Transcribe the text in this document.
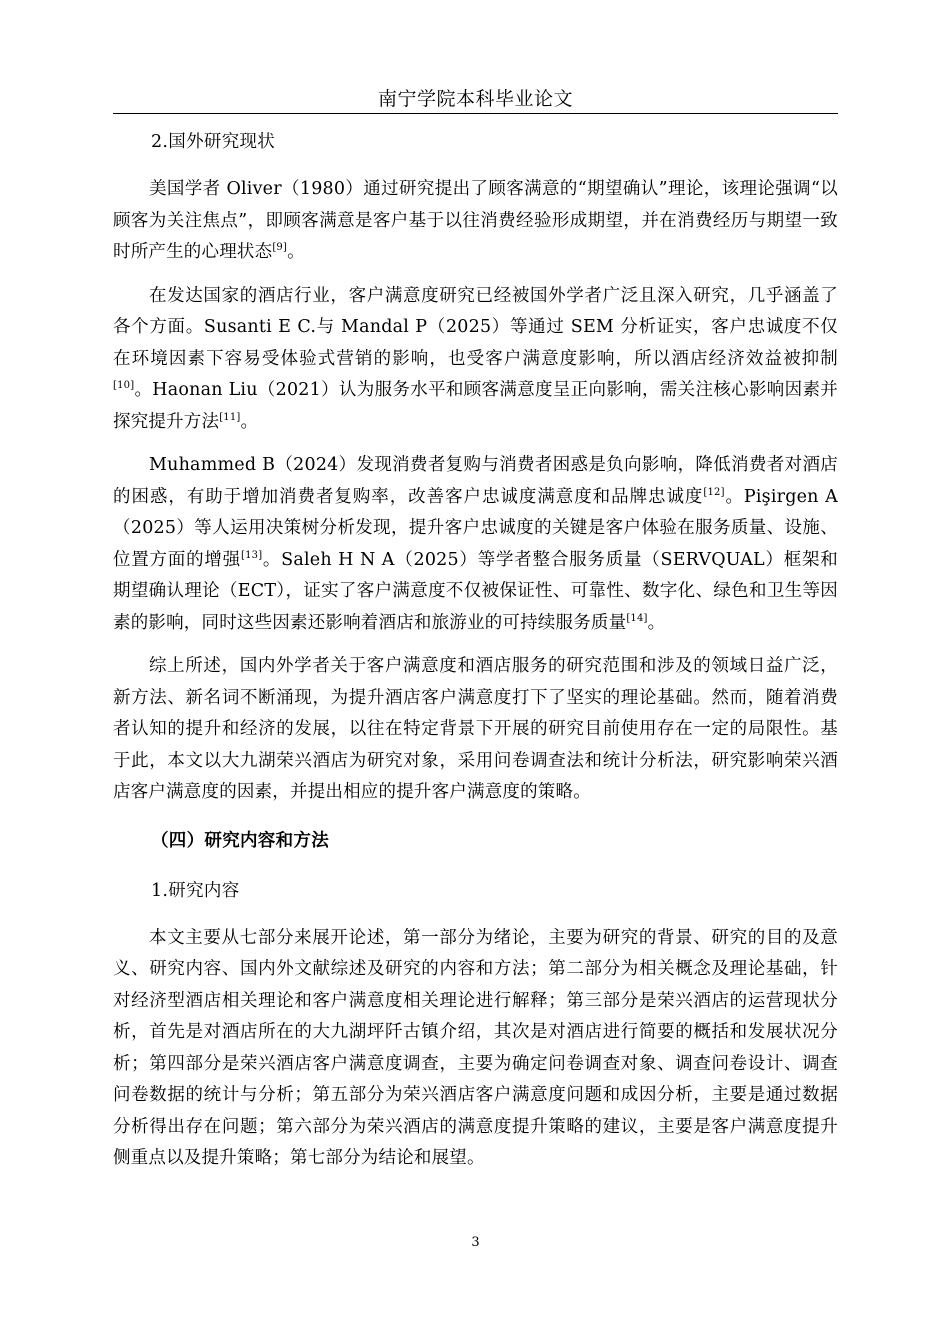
南宁学院本科毕业论文

2.国外研究现状

美国学者 Oliver（1980）通过研究提出了顾客满意的“期望确认”理论，该理论强调“以顾客为关注焦点”，即顾客满意是客户基于以往消费经验形成期望，并在消费经历与期望一致时所产生的心理状态[9]。

在发达国家的酒店行业，客户满意度研究已经被国外学者广泛且深入研究，几乎涵盖了各个方面。Susanti E C.与 Mandal P（2025）等通过 SEM 分析证实，客户忠诚度不仅在环境因素下容易受体验式营销的影响，也受客户满意度影响，所以酒店经济效益被抑制[10]。Haonan Liu（2021）认为服务水平和顾客满意度呈正向影响，需关注核心影响因素并探究提升方法[11]。

Muhammed B（2024）发现消费者复购与消费者困惑是负向影响，降低消费者对酒店的困惑，有助于增加消费者复购率，改善客户忠诚度满意度和品牌忠诚度[12]。Pişirgen A（2025）等人运用决策树分析发现，提升客户忠诚度的关键是客户体验在服务质量、设施、位置方面的增强[13]。Saleh H N A（2025）等学者整合服务质量（SERVQUAL）框架和期望确认理论（ECT），证实了客户满意度不仅被保证性、可靠性、数字化、绿色和卫生等因素的影响，同时这些因素还影响着酒店和旅游业的可持续服务质量[14]。

综上所述，国内外学者关于客户满意度和酒店服务的研究范围和涉及的领域日益广泛，新方法、新名词不断涌现，为提升酒店客户满意度打下了坚实的理论基础。然而，随着消费者认知的提升和经济的发展，以往在特定背景下开展的研究目前使用存在一定的局限性。基于此，本文以大九湖荣兴酒店为研究对象，采用问卷调查法和统计分析法，研究影响荣兴酒店客户满意度的因素，并提出相应的提升客户满意度的策略。

（四）研究内容和方法

1.研究内容

本文主要从七部分来展开论述，第一部分为绪论，主要为研究的背景、研究的目的及意义、研究内容、国内外文献综述及研究的内容和方法；第二部分为相关概念及理论基础，针对经济型酒店相关理论和客户满意度相关理论进行解释；第三部分是荣兴酒店的运营现状分析，首先是对酒店所在的大九湖坪阡古镇介绍，其次是对酒店进行简要的概括和发展状况分析；第四部分是荣兴酒店客户满意度调查，主要为确定问卷调查对象、调查问卷设计、调查问卷数据的统计与分析；第五部分为荣兴酒店客户满意度问题和成因分析，主要是通过数据分析得出存在问题；第六部分为荣兴酒店的满意度提升策略的建议，主要是客户满意度提升侧重点以及提升策略；第七部分为结论和展望。

3
